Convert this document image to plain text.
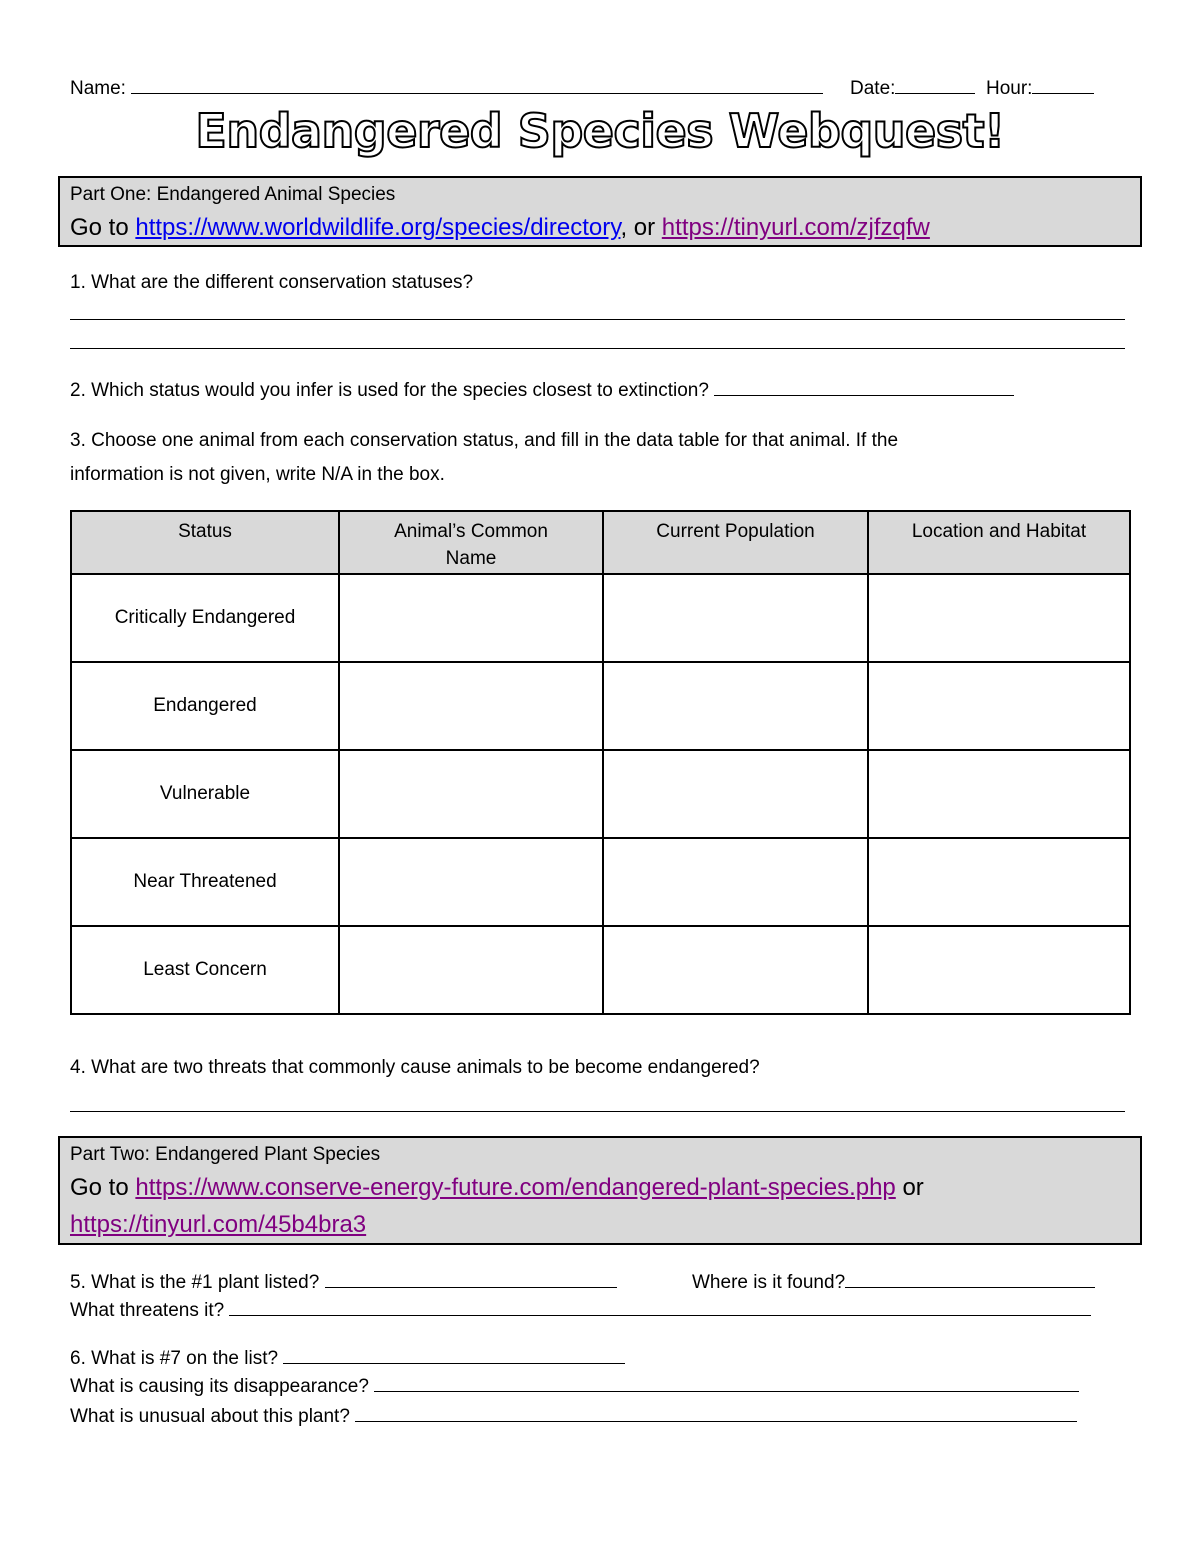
Name:	Date:	Hour:
Endangered Species Webquest!
Part One: Endangered Animal Species
Go to https://www.worldwildlife.org/species/directory, or https://tinyurl.com/zjfzqfw
1. What are the different conservation statuses?
2. Which status would you infer is used for the species closest to extinction?
3. Choose one animal from each conservation status, and fill in the data table for that animal. If the
information is not given, write N/A in the box.
Status	Animal’s Common Name	Current Population	Location and Habitat
Critically Endangered			
Endangered			
Vulnerable			
Near Threatened			
Least Concern			
4. What are two threats that commonly cause animals to be become endangered?
Part Two: Endangered Plant Species
Go to https://www.conserve-energy-future.com/endangered-plant-species.php or
https://tinyurl.com/45b4bra3
5. What is the #1 plant listed?	Where is it found?
What threatens it?
6. What is #7 on the list?
What is causing its disappearance?
What is unusual about this plant?
